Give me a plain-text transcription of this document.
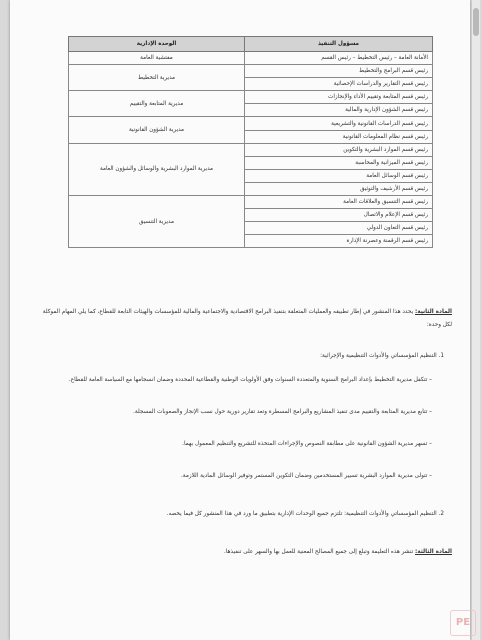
مسؤول التنفيذ	الوحدة الإدارية
الأمانة العامة – رئيس التخطيط – رئيس القسم	مفتشية العامة
رئيس قسم البرامج والتخطيط	مديرية التخطيط
رئيس قسم التقارير والدراسات الإحصائية	
رئيس قسم المتابعة وتقييم الأداء والإنجازات	مديرية المتابعة والتقييم
رئيس قسم الشؤون الإدارية والمالية	
رئيس قسم الدراسات القانونية والتشريعية	مديرية الشؤون القانونية
رئيس قسم نظام المعلومات القانونية	
رئيس قسم الموارد البشرية والتكوين	مديرية الموارد البشرية والوسائل والشؤون العامة
رئيس قسم الميزانية والمحاسبة	
رئيس قسم الوسائل العامة	
رئيس قسم الأرشيف والتوثيق	
رئيس قسم التنسيق والعلاقات العامة	مديرية التنسيق
رئيس قسم الإعلام والاتصال	
رئيس قسم التعاون الدولي	
رئيس قسم الرقمنة وعصرنة الإدارة	
المادة الثانية: يحدد هذا المنشور في إطار تطبيقه والعمليات المتعلقة بتنفيذ البرامج الاقتصادية والاجتماعية والمالية للمؤسسات والهيئات التابعة للقطاع، كما يلي المهام الموكلة لكل وحدة:
1. التنظيم المؤسساتي والأدوات التنظيمية والإجرائية:
– تتكفل مديرية التخطيط بإعداد البرامج السنوية والمتعددة السنوات وفق الأولويات الوطنية والقطاعية المحددة وضمان انسجامها مع السياسة العامة للقطاع.
– تتابع مديرية المتابعة والتقييم مدى تنفيذ المشاريع والبرامج المسطرة وتعد تقارير دورية حول نسب الإنجاز والصعوبات المسجلة.
– تسهر مديرية الشؤون القانونية على مطابقة النصوص والإجراءات المتخذة للتشريع والتنظيم المعمول بهما.
– تتولى مديرية الموارد البشرية تسيير المستخدمين وضمان التكوين المستمر وتوفير الوسائل المادية اللازمة.
2. التنظيم المؤسساتي والأدوات التنظيمية: تلتزم جميع الوحدات الإدارية بتطبيق ما ورد في هذا المنشور كل فيما يخصه.
المادة الثالثة: تنشر هذه التعليمة وتبلغ إلى جميع المصالح المعنية للعمل بها والسهر على تنفيذها.
PE
